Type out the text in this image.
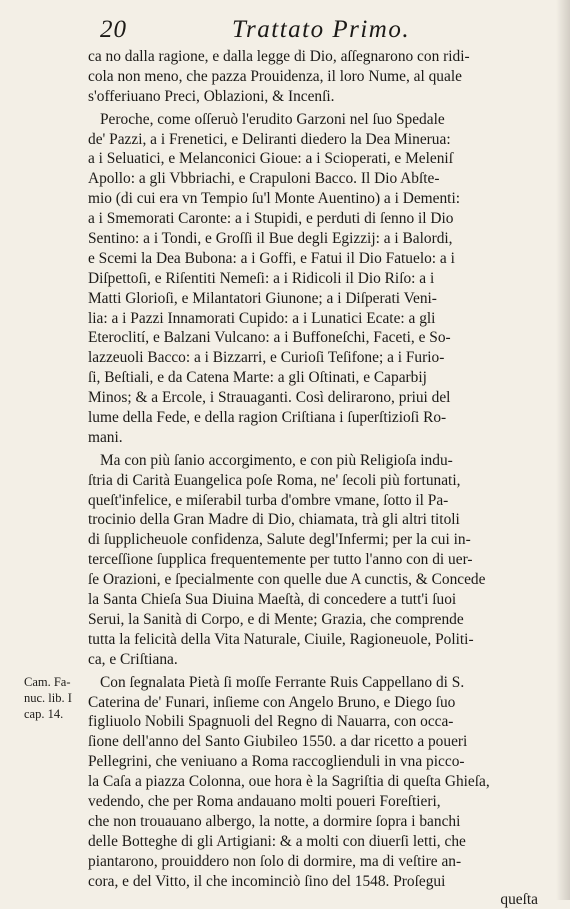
20	Trattato Primo.
ca no dalla ragione, e dalla legge di Dio, aſſegnarono con ridi-
cola non meno, che pazza Prouidenza, il loro Nume, al quale
s'offeriuano Preci, Oblazioni, & Incenſi.
Peroche, come oſſeruò l'erudito Garzoni nel ſuo Spedale
de' Pazzi, a i Frenetici, e Deliranti diedero la Dea Minerua:
a i Seluatici, e Melanconici Gioue: a i Scioperati, e Meleniſ
Apollo: a gli Vbbriachi, e Crapuloni Bacco. Il Dio Abſte-
mio (di cui era vn Tempio ſu'l Monte Auentino) a i Dementi:
a i Smemorati Caronte: a i Stupidi, e perduti di ſenno il Dio
Sentino: a i Tondi, e Groſſi il Bue degli Egizzij: a i Balordi,
e Scemi la Dea Bubona: a i Goffi, e Fatui il Dio Fatuelo: a i
Diſpettoſi, e Riſentiti Nemeſi: a i Ridicoli il Dio Riſo: a i
Matti Glorioſi, e Milantatori Giunone; a i Diſperati Veni-
lia: a i Pazzi Innamorati Cupido: a i Lunatici Ecate: a gli
Eteroclití, e Balzani Vulcano: a i Buffoneſchi, Faceti, e So-
lazzeuoli Bacco: a i Bizzarri, e Curioſi Teſifone; a i Furio-
ſi, Beſtiali, e da Catena Marte: a gli Oſtinati, e Caparbij
Minos; & a Ercole, i Strauaganti. Così delirarono, priui del
lume della Fede, e della ragion Criſtiana i ſuperſtizioſi Ro-
mani.
Ma con più ſanio accorgimento, e con più Religioſa indu-
ſtria di Carità Euangelica poſe Roma, ne' ſecoli più fortunati,
queſt'infelice, e miſerabil turba d'ombre vmane, ſotto il Pa-
trocinio della Gran Madre di Dio, chiamata, trà gli altri titoli
di ſupplicheuole confidenza, Salute degl'Infermi; per la cui in-
terceſſione ſupplica frequentemente per tutto l'anno con di uer-
ſe Orazioni, e ſpecialmente con quelle due A cunctis, & Concede
la Santa Chieſa Sua Diuina Maeſtà, di concedere a tutt'i ſuoi
Serui, la Sanità di Corpo, e di Mente; Grazia, che comprende
tutta la felicità della Vita Naturale, Ciuile, Ragioneuole, Politi-
ca, e Criſtiana.
Con ſegnalata Pietà ſi moſſe Ferrante Ruis Cappellano di S.
Caterina de' Funari, inſieme con Angelo Bruno, e Diego ſuo
figliuolo Nobili Spagnuoli del Regno di Nauarra, con occa-
ſione dell'anno del Santo Giubileo 1550. a dar ricetto a poueri
Pellegrini, che veniuano a Roma raccoglienduli in vna picco-
la Caſa a piazza Colonna, oue hora è la Sagriſtia di queſta Ghieſa,
vedendo, che per Roma andauano molti poueri Foreſtieri,
che non trouauano albergo, la notte, a dormire ſopra i banchi
delle Botteghe di gli Artigiani: & a molti con diuerſi letti, che
piantarono, prouiddero non ſolo di dormire, ma di veſtire an-
cora, e del Vitto, il che incominciò ſino del 1548. Proſegui
queſta
Cam. Fa-
nuc. lib. I
cap. 14.
